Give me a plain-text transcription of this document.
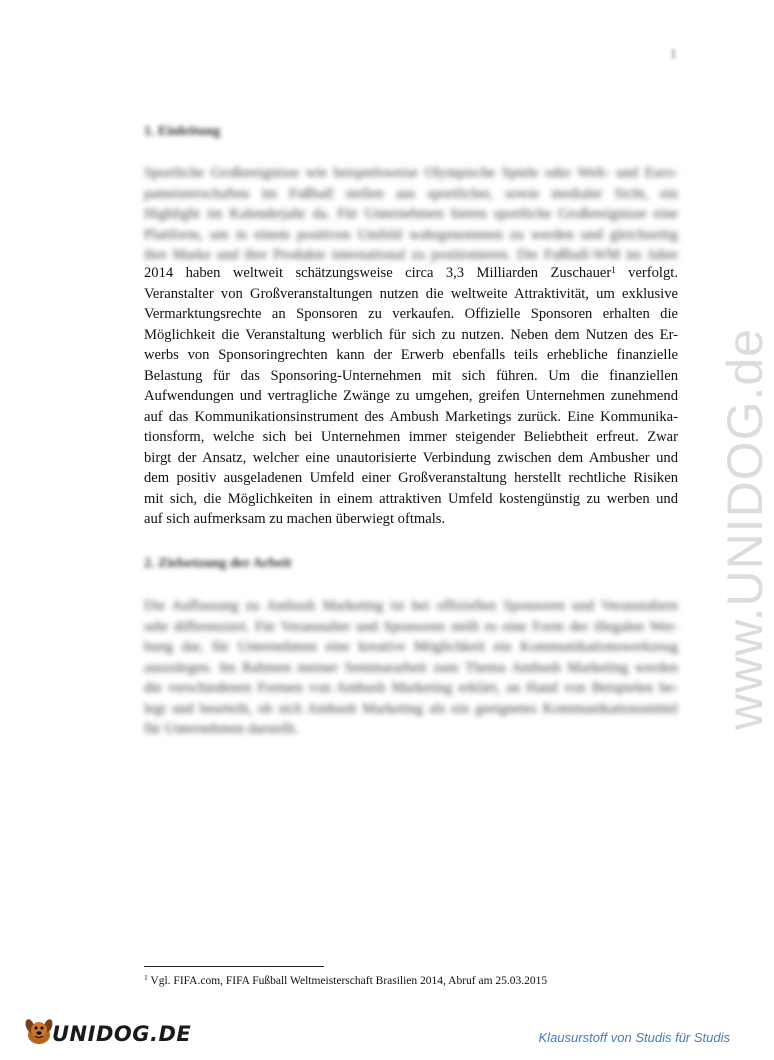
1
1. Einleitung
Sportliche Großereignisse wie beispielsweise Olympische Spiele oder Welt- und Euro-
pameisterschaften im Fußball stellen aus sportlicher, sowie medialer Sicht, ein
Highlight im Kalenderjahr da. Für Unternehmen bieten sportliche Großereignisse eine
Plattform, um in einem positiven Umfeld wahrgenommen zu werden und gleichzeitig
ihre Marke und ihre Produkte international zu positionieren. Die Fußball-WM im Jahre
2014 haben weltweit schätzungsweise circa 3,3 Milliarden Zuschauer$^1$ verfolgt.
Veranstalter von Großveranstaltungen nutzen die weltweite Attraktivität, um exklusive
Vermarktungsrechte an Sponsoren zu verkaufen. Offizielle Sponsoren erhalten die
Möglichkeit die Veranstaltung werblich für sich zu nutzen. Neben dem Nutzen des Er-
werbs von Sponsoringrechten kann der Erwerb ebenfalls teils erhebliche finanzielle
Belastung für das Sponsoring-Unternehmen mit sich führen. Um die finanziellen
Aufwendungen und vertragliche Zwänge zu umgehen, greifen Unternehmen zunehmend
auf das Kommunikationsinstrument des Ambush Marketings zurück. Eine Kommunika-
tionsform, welche sich bei Unternehmen immer steigender Beliebtheit erfreut. Zwar
birgt der Ansatz, welcher eine unautorisierte Verbindung zwischen dem Ambusher und
dem positiv ausgeladenen Umfeld einer Großveranstaltung herstellt rechtliche Risiken
mit sich, die Möglichkeiten in einem attraktiven Umfeld kostengünstig zu werben und
auf sich aufmerksam zu machen überwiegt oftmals.
2. Zielsetzung der Arbeit
Die Auffassung zu Ambush Marketing ist bei offiziellen Sponsoren und Veranstaltern
sehr differenziert. Für Veranstalter und Sponsoren stellt es eine Form der illegalen Wer-
bung dar, für Unternehmen eine kreative Möglichkeit ein Kommunikationswerkzeug
auszulegen. Im Rahmen meiner Seminararbeit zum Thema Ambush Marketing werden
die verschiedenen Formen von Ambush Marketing erklärt, an Hand von Beispielen be-
legt und beurteilt, ob sich Ambush Marketing als ein geeignetes Kommunikationsmittel
für Unternehmen darstellt.	www.UNIDOG.de
$^1$ Vgl. FIFA.com, FIFA Fußball Weltmeisterschaft Brasilien 2014, Abruf am 25.03.2015
UNIDOG.DE	Klausurstoff von Studis für Studis
